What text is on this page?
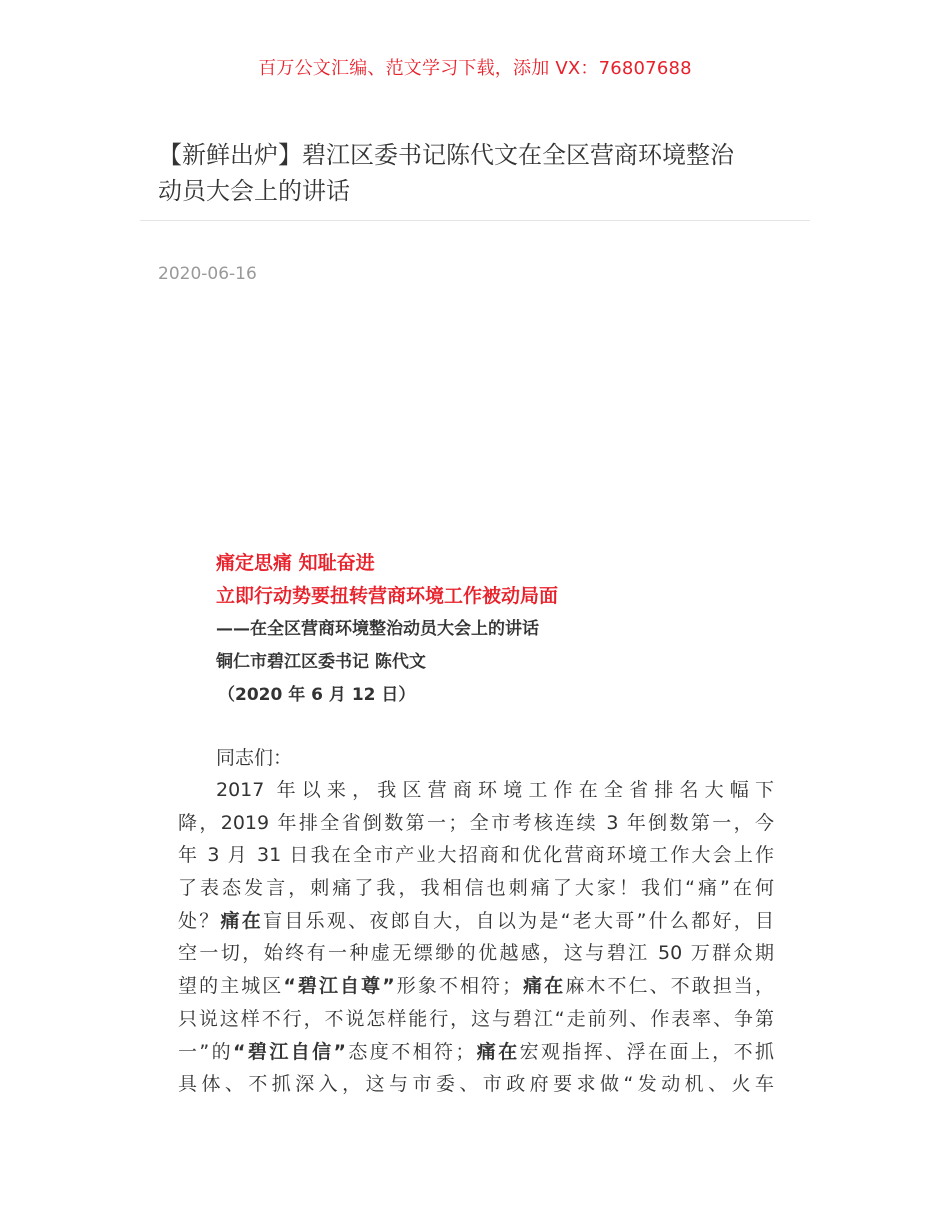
百万公文汇编、范文学习下载，添加 VX：76807688
【新鲜出炉】碧江区委书记陈代文在全区营商环境整治
动员大会上的讲话
2020-06-16
痛定思痛 知耻奋进
立即行动势要扭转营商环境工作被动局面
——在全区营商环境整治动员大会上的讲话
铜仁市碧江区委书记 陈代文
（2020 年 6 月 12 日）
同志们：
2017 年以来，我区营商环境工作在全省排名大幅下
降，2019 年排全省倒数第一；全市考核连续 3 年倒数第一，今
年 3 月 31 日我在全市产业大招商和优化营商环境工作大会上作
了表态发言，刺痛了我，我相信也刺痛了大家！我们“痛”在何
处？痛在盲目乐观、夜郎自大，自以为是“老大哥”什么都好，目
空一切，始终有一种虚无缥缈的优越感，这与碧江 50 万群众期
望的主城区“碧江自尊”形象不相符；痛在麻木不仁、不敢担当，
只说这样不行，不说怎样能行，这与碧江“走前列、作表率、争第
一”的“碧江自信”态度不相符；痛在宏观指挥、浮在面上，不抓
具体、不抓深入，这与市委、市政府要求做“发动机、火车
